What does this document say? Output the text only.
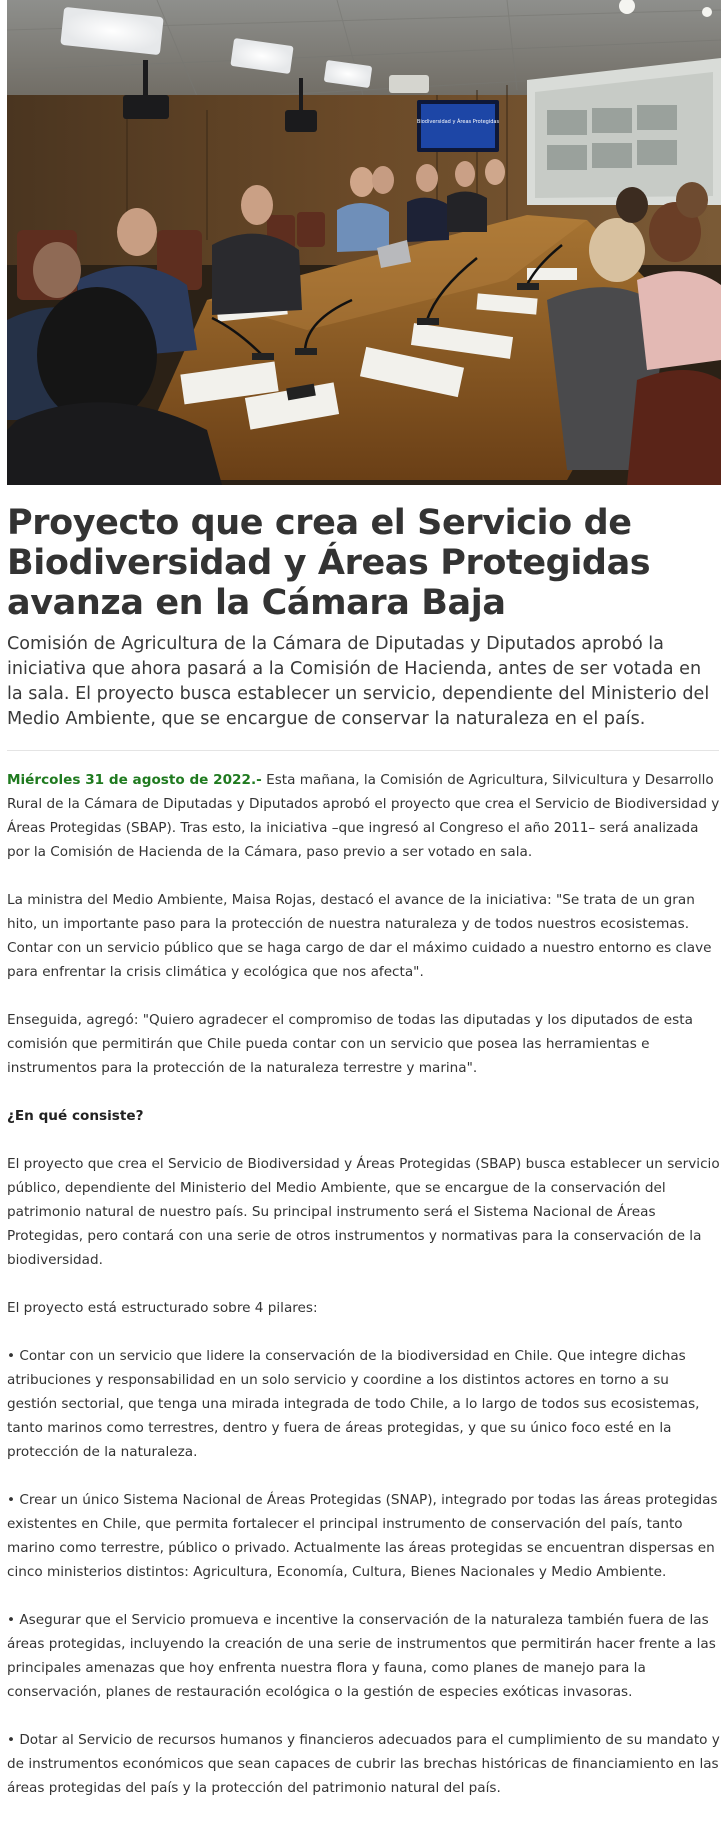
Biodiversidad y Áreas Protegidas
Proyecto que crea el Servicio de Biodiversidad y Áreas Protegidas avanza en la Cámara Baja

Comisión de Agricultura de la Cámara de Diputadas y Diputados aprobó la iniciativa que ahora pasará a la Comisión de Hacienda, antes de ser votada en la sala. El proyecto busca establecer un servicio, dependiente del Ministerio del Medio Ambiente, que se encargue de conservar la naturaleza en el país.

Miércoles 31 de agosto de 2022.- Esta mañana, la Comisión de Agricultura, Silvicultura y Desarrollo Rural de la Cámara de Diputadas y Diputados aprobó el proyecto que crea el Servicio de Biodiversidad y Áreas Protegidas (SBAP). Tras esto, la iniciativa –que ingresó al Congreso el año 2011– será analizada por la Comisión de Hacienda de la Cámara, paso previo a ser votado en sala.

La ministra del Medio Ambiente, Maisa Rojas, destacó el avance de la iniciativa: "Se trata de un gran hito, un importante paso para la protección de nuestra naturaleza y de todos nuestros ecosistemas. Contar con un servicio público que se haga cargo de dar el máximo cuidado a nuestro entorno es clave para enfrentar la crisis climática y ecológica que nos afecta".

Enseguida, agregó: "Quiero agradecer el compromiso de todas las diputadas y los diputados de esta comisión que permitirán que Chile pueda contar con un servicio que posea las herramientas e instrumentos para la protección de la naturaleza terrestre y marina".

¿En qué consiste?

El proyecto que crea el Servicio de Biodiversidad y Áreas Protegidas (SBAP) busca establecer un servicio público, dependiente del Ministerio del Medio Ambiente, que se encargue de la conservación del patrimonio natural de nuestro país. Su principal instrumento será el Sistema Nacional de Áreas Protegidas, pero contará con una serie de otros instrumentos y normativas para la conservación de la biodiversidad.

El proyecto está estructurado sobre 4 pilares:

• Contar con un servicio que lidere la conservación de la biodiversidad en Chile. Que integre dichas atribuciones y responsabilidad en un solo servicio y coordine a los distintos actores en torno a su gestión sectorial, que tenga una mirada integrada de todo Chile, a lo largo de todos sus ecosistemas, tanto marinos como terrestres, dentro y fuera de áreas protegidas, y que su único foco esté en la protección de la naturaleza.

• Crear un único Sistema Nacional de Áreas Protegidas (SNAP), integrado por todas las áreas protegidas existentes en Chile, que permita fortalecer el principal instrumento de conservación del país, tanto marino como terrestre, público o privado. Actualmente las áreas protegidas se encuentran dispersas en cinco ministerios distintos: Agricultura, Economía, Cultura, Bienes Nacionales y Medio Ambiente.

• Asegurar que el Servicio promueva e incentive la conservación de la naturaleza también fuera de las áreas protegidas, incluyendo la creación de una serie de instrumentos que permitirán hacer frente a las principales amenazas que hoy enfrenta nuestra flora y fauna, como planes de manejo para la conservación, planes de restauración ecológica o la gestión de especies exóticas invasoras.

• Dotar al Servicio de recursos humanos y financieros adecuados para el cumplimiento de su mandato y de instrumentos económicos que sean capaces de cubrir las brechas históricas de financiamiento en las áreas protegidas del país y la protección del patrimonio natural del país.
